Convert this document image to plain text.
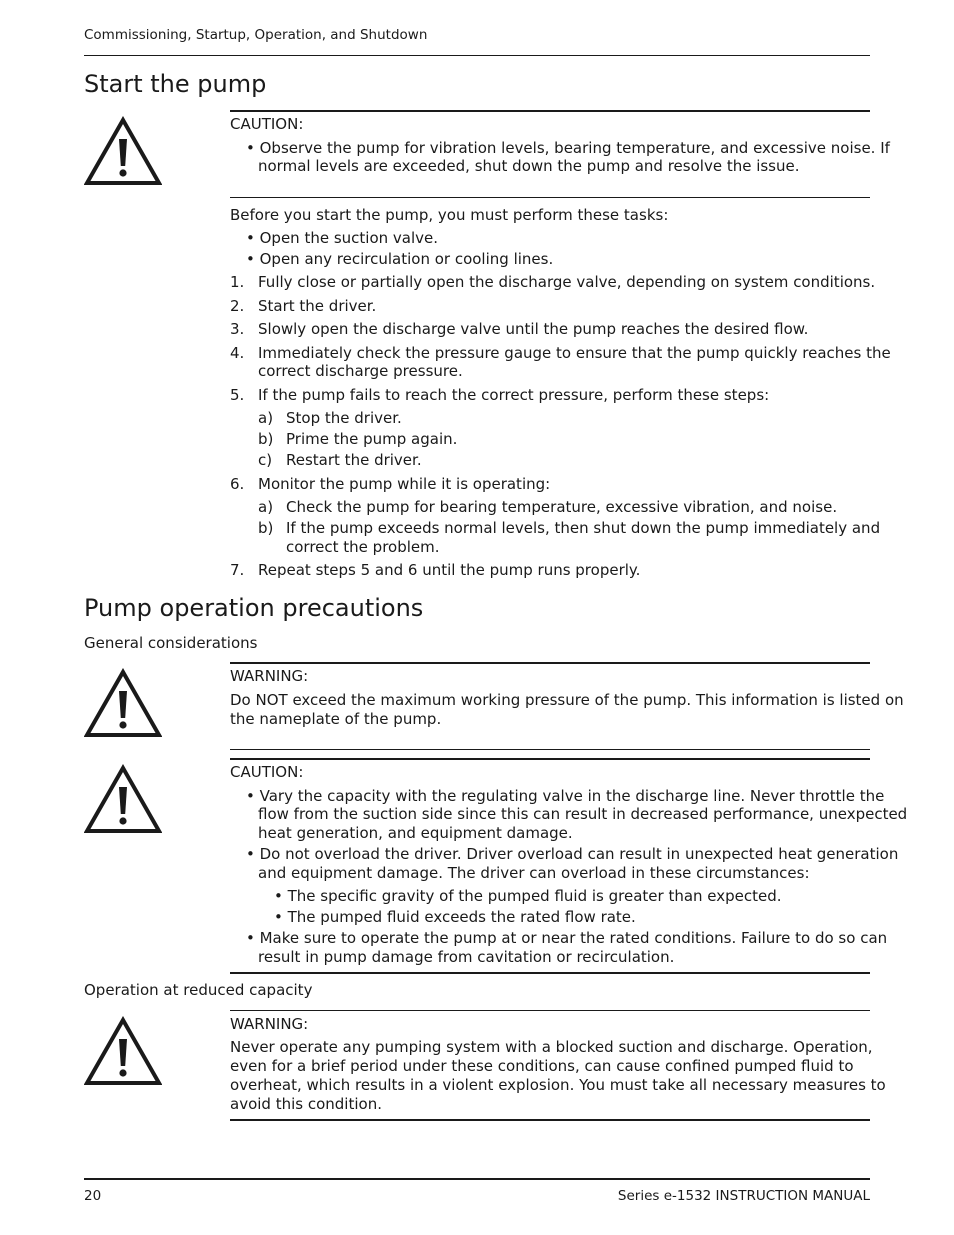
Commissioning, Startup, Operation, and Shutdown
Start the pump
CAUTION:
• Observe the pump for vibration levels, bearing temperature, and excessive noise. If
normal levels are exceeded, shut down the pump and resolve the issue.
Before you start the pump, you must perform these tasks:
• Open the suction valve.
• Open any recirculation or cooling lines.
1. Fully close or partially open the discharge valve, depending on system conditions.
2. Start the driver.
3. Slowly open the discharge valve until the pump reaches the desired flow.
4. Immediately check the pressure gauge to ensure that the pump quickly reaches the
correct discharge pressure.
5. If the pump fails to reach the correct pressure, perform these steps:
a) Stop the driver.
b) Prime the pump again.
c) Restart the driver.
6. Monitor the pump while it is operating:
a) Check the pump for bearing temperature, excessive vibration, and noise.
b) If the pump exceeds normal levels, then shut down the pump immediately and
correct the problem.
7. Repeat steps 5 and 6 until the pump runs properly.
Pump operation precautions
General considerations
WARNING:
Do NOT exceed the maximum working pressure of the pump. This information is listed on
the nameplate of the pump.
CAUTION:
• Vary the capacity with the regulating valve in the discharge line. Never throttle the
flow from the suction side since this can result in decreased performance, unexpected
heat generation, and equipment damage.
• Do not overload the driver. Driver overload can result in unexpected heat generation
and equipment damage. The driver can overload in these circumstances:
• The specific gravity of the pumped fluid is greater than expected.
• The pumped fluid exceeds the rated flow rate.
• Make sure to operate the pump at or near the rated conditions. Failure to do so can
result in pump damage from cavitation or recirculation.
Operation at reduced capacity
WARNING:
Never operate any pumping system with a blocked suction and discharge. Operation,
even for a brief period under these conditions, can cause confined pumped fluid to
overheat, which results in a violent explosion. You must take all necessary measures to
avoid this condition.
20	Series e-1532 INSTRUCTION MANUAL
